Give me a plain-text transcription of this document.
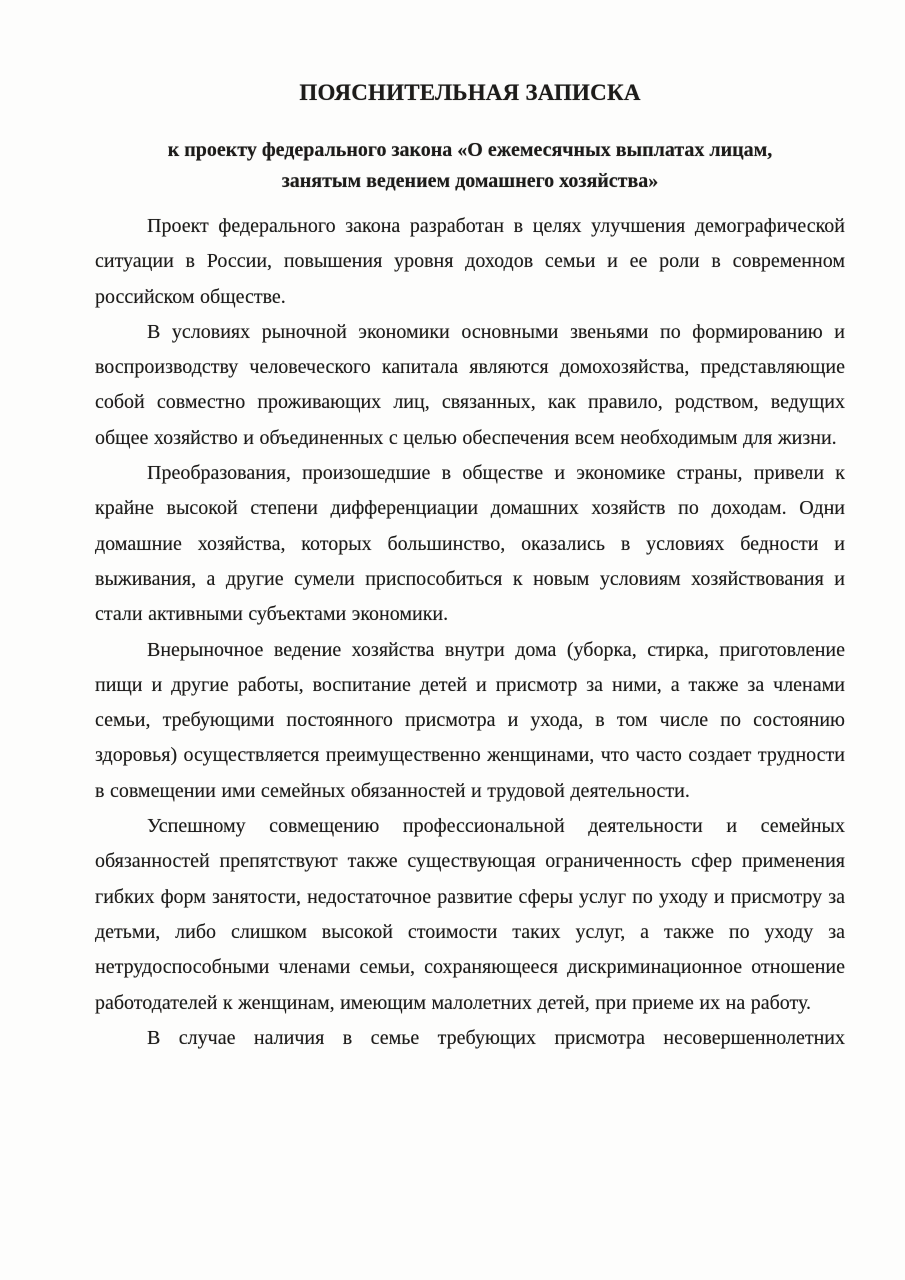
ПОЯСНИТЕЛЬНАЯ ЗАПИСКА
к проекту федерального закона «О ежемесячных выплатах лицам,
занятым ведением домашнего хозяйства»

Проект федерального закона разработан в целях улучшения демографической ситуации в России, повышения уровня доходов семьи и ее роли в современном российском обществе.

В условиях рыночной экономики основными звеньями по формированию и воспроизводству человеческого капитала являются домохозяйства, представляющие собой совместно проживающих лиц, связанных, как правило, родством, ведущих общее хозяйство и объединенных с целью обеспечения всем необходимым для жизни.

Преобразования, произошедшие в обществе и экономике страны, привели к крайне высокой степени дифференциации домашних хозяйств по доходам. Одни домашние хозяйства, которых большинство, оказались в условиях бедности и выживания, а другие сумели приспособиться к новым условиям хозяйствования и стали активными субъектами экономики.

Внерыночное ведение хозяйства внутри дома (уборка, стирка, приготовление пищи и другие работы, воспитание детей и присмотр за ними, а также за членами семьи, требующими постоянного присмотра и ухода, в том числе по состоянию здоровья) осуществляется преимущественно женщинами, что часто создает трудности в совмещении ими семейных обязанностей и трудовой деятельности.

Успешному совмещению профессиональной деятельности и семейных обязанностей препятствуют также существующая ограниченность сфер применения гибких форм занятости, недостаточное развитие сферы услуг по уходу и присмотру за детьми, либо слишком высокой стоимости таких услуг, а также по уходу за нетрудоспособными членами семьи, сохраняющееся дискриминационное отношение работодателей к женщинам, имеющим малолетних детей, при приеме их на работу.

В случае наличия в семье требующих присмотра несовершеннолетних
